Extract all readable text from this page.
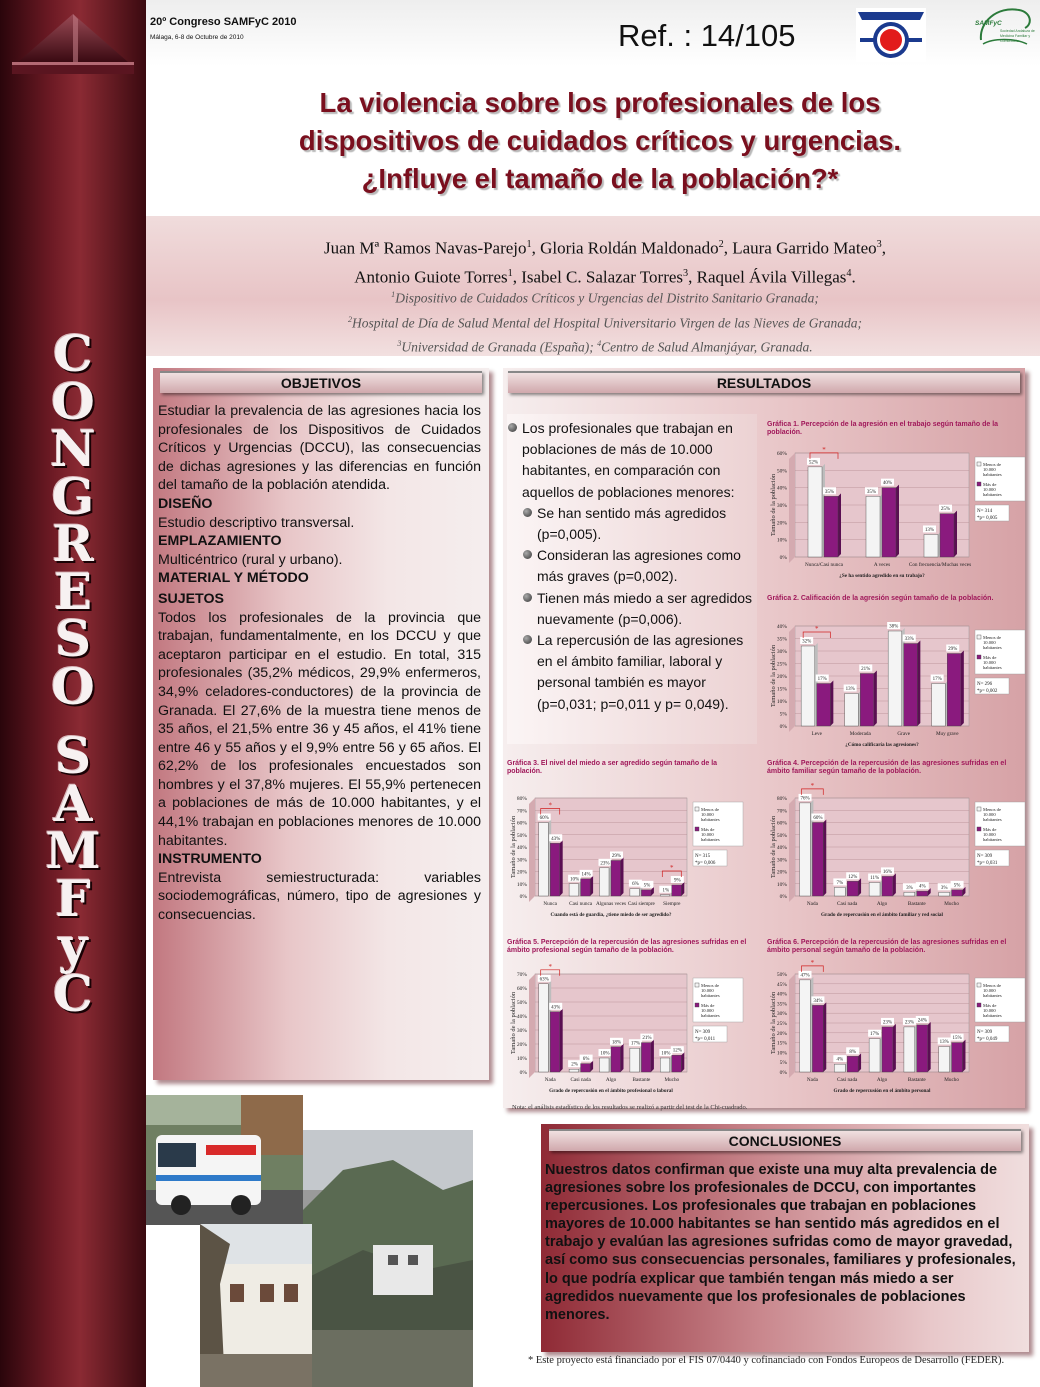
C
O
N
G
R
E
S
O
S
A
M
F
y
C
20º Congreso SAMFyC 2010
Málaga, 6-8 de Octubre de 2010	Ref. : 14/105	SAMFyC
Sociedad Andaluza de Medicina Familiar y Comunitaria
La violencia sobre los profesionales de los
dispositivos de cuidados críticos y urgencias.
¿Influye el tamaño de la población?*
Juan Mª Ramos Navas-Parejo$^1$, Gloria Roldán Maldonado$^2$, Laura Garrido Mateo$^3$,
Antonio Guiote Torres$^1$, Isabel C. Salazar Torres$^3$, Raquel Ávila Villegas$^4$.
$^1$Dispositivo de Cuidados Críticos y Urgencias del Distrito Sanitario Granada;
$^2$Hospital de Día de Salud Mental del Hospital Universitario Virgen de las Nieves de Granada;
$^3$Universidad de Granada (España); $^4$Centro de Salud Almanjáyar, Granada.
OBJETIVOS

Estudiar la prevalencia de las agresiones hacia los profesionales de los Dispositivos de Cuidados Críticos y Urgencias (DCCU), las consecuencias de dichas agresiones y las diferencias en función del tamaño de la población atendida.

DISEÑO

Estudio descriptivo transversal.

EMPLAZAMIENTO

Multicéntrico (rural y urbano).

MATERIAL Y MÉTODO

SUJETOS

Todos los profesionales de la provincia que trabajan, fundamentalmente, en los DCCU y que aceptaron participar en el estudio. En total, 315 profesionales (35,2% médicos, 29,9% enfermeros, 34,9% celadores-conductores) de la provincia de Granada. El 27,6% de la muestra tiene menos de 35 años, el 21,5% entre 36 y 45 años, el 41% tiene entre 46 y 55 años y el 9,9% entre 56 y 65 años. El 62,2% de los profesionales encuestados son hombres y el 37,8% mujeres. El 55,9% pertenecen a poblaciones de más de 10.000 habitantes, y el 44,1% trabajan en poblaciones menores de 10.000 habitantes.

INSTRUMENTO

Entrevista semiestructurada: variables sociodemográficas, número, tipo de agresiones y consecuencias.

RESULTADOS
Los profesionales que trabajan en poblaciones de más de 10.000 habitantes, en comparación con aquellos de poblaciones menores:
Se han sentido más agredidos (p=0,005).
Consideran las agresiones como más graves (p=0,002).
Tienen más miedo a ser agredidos nuevamente (p=0,006).
La repercusión de las agresiones en el ámbito familiar, laboral y personal también es mayor (p=0,031; p=0,011 y p= 0,049).
Gráfica 1. Percepción de la agresión en el trabajo según tamaño de la población.
Gráfica 2. Calificación de la agresión según tamaño de la población.
Gráfica 3. El nivel del miedo a ser agredido según tamaño de la población.
Gráfica 4. Percepción de la repercusión de las agresiones sufridas en el ámbito familiar según tamaño de la población.
Gráfica 5. Percepción de la repercusión de las agresiones sufridas en el ámbito profesional según tamaño de la población.
Gráfica 6. Percepción de la repercusión de las agresiones sufridas en el ámbito personal según tamaño de la población.
0%
10%
20%
30%
40%
50%
60%
Tamaño de la población
52%
35%
Nunca/Casi nunca
35%
40%
A veces
13%
25%
Con frecuencia/Muchas veces
*
¿Se ha sentido agredido en su trabajo?
Menos de
10.000
habitantes
Más de
10.000
habitantes
N= 314
*p= 0,005
0%
5%
10%
15%
20%
25%
30%
35%
40%
Tamaño de la población
32%
17%
Leve
13%
21%
Moderada
38%
33%
Grave
17%
29%
Muy grave
*
¿Cómo calificaría las agresiones?
Menos de
10.000
habitantes
Más de
10.000
habitantes
N= 296
*p= 0,002
0%
10%
20%
30%
40%
50%
60%
70%
80%
Tamaño de la población	60%
43%
Nunca
10%
14%
Casi nunca
23%
29%
Algunas veces
6% 5%
Casi siempre
1%
9%
Siempre
*
*
Cuando está de guardia, ¿tiene miedo de ser agredido?
Menos de
10.000
habitantes
Más de
10.000
habitantes
N= 315
*p= 0,006
0%
10%
20%
30%
40%
50%
60%
70%
80%
Tamaño de la población
76%
60%
Nada
7%
12%
Casi nada
11%
16%
Algo
3% 4%
Bastante
3% 5%
Mucho
*
Grado de repercusión en el ámbito familiar y red social
Menos de
10.000
habitantes
Más de
10.000
habitantes
N= 309
*p= 0,031
0%
10%
20%
30%
40%
50%
60%
70%
Tamaño de la población
63%
43%
Nada
2%
6%
Casi nada
10%
18%
Algo
17%
21%
Bastante
10%
12%
Mucho
*
Grado de repercusión en el ámbito profesional o laboral
Menos de
10.000
habitantes
Más de
10.000
habitantes
N= 309
*p= 0,011
0%
5%
10%
15%
20%
25%
30%
35%
40%
45%
50%
Tamaño de la población
47%
34%
Nada
4%
8%
Casi nada
17%
23%
Algo
23% 24%
Bastante
13%
15%
Mucho
*
Grado de repercusión en el ámbito personal
Menos de
10.000
habitantes
Más de
10.000
habitantes
N= 309
*p= 0,049
Nota: el análisis estadístico de los resultados se realizó a partir del test de la Chi-cuadrado.
CONCLUSIONES
Nuestros datos confirman que existe una muy alta prevalencia de agresiones sobre los profesionales de DCCU, con importantes repercusiones. Los profesionales que trabajan en poblaciones mayores de 10.000 habitantes se han sentido más agredidos en el trabajo y evalúan las agresiones sufridas como de mayor gravedad, así como sus consecuencias personales, familiares y profesionales, lo que podría explicar que también tengan más miedo a ser agredidos nuevamente que los profesionales de poblaciones menores.
* Este proyecto está financiado por el FIS 07/0440 y cofinanciado con Fondos Europeos de Desarrollo (FEDER).
